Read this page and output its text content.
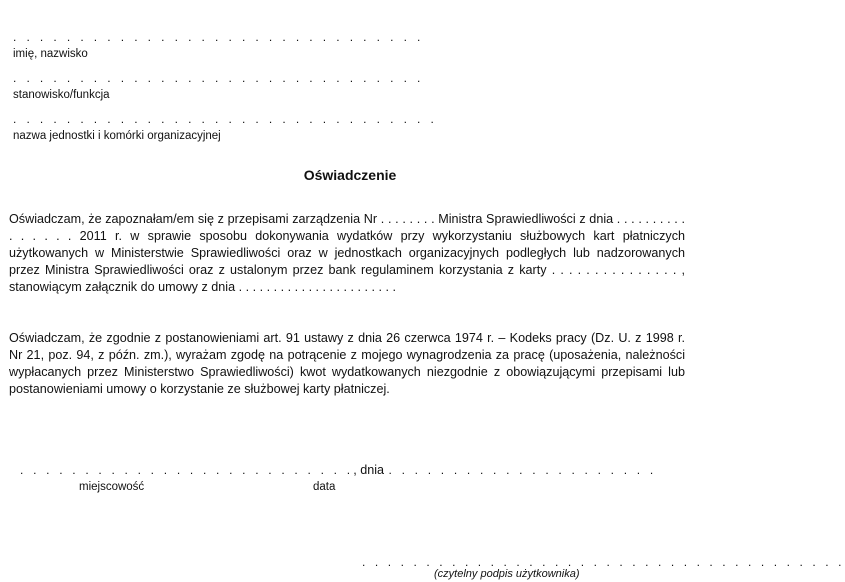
. . . . . . . . . . . . . . . . . . . . . . . . . . . . . . .
imię, nazwisko
. . . . . . . . . . . . . . . . . . . . . . . . . . . . . . .
stanowisko/funkcja
. . . . . . . . . . . . . . . . . . . . . . . . . . . . . . . .
nazwa jednostki i komórki organizacyjnej
Oświadczenie
Oświadczam, że zapoznałam/em się z przepisami zarządzenia Nr . . . . . . . . Ministra Sprawiedliwości z dnia . . . . . . . . . . . . . . . . 2011 r. w sprawie sposobu dokonywania wydatków przy wykorzystaniu służbowych kart płatniczych użytkowanych w Ministerstwie Sprawiedliwości oraz w jednostkach organizacyjnych podległych lub nadzorowanych przez Ministra Sprawiedliwości oraz z ustalonym przez bank regulaminem korzystania z karty . . . . . . . . . . . . . . . , stanowiącym załącznik do umowy z dnia . . . . . . . . . . . . . . . . . . . . . . .
Oświadczam, że zgodnie z postanowieniami art. 91 ustawy z dnia 26 czerwca 1974 r. – Kodeks pracy (Dz. U. z 1998 r. Nr 21, poz. 94, z późn. zm.), wyrażam zgodę na potrącenie z mojego wynagrodzenia za pracę (uposażenia, należności wypłacanych przez Ministerstwo Sprawiedliwości) kwot wydatkowanych niezgodnie z obowiązującymi przepisami lub postanowieniami umowy o korzystanie ze służbowej karty płatniczej.
. . . . . . . . . . . . . . . . . . . . . . . . . ., dnia . . . . . . . . . . . . . . . . . . . . .
miejscowość	data
. . . . . . . . . . . . . . . . . . . . . . . . . . . . . . . . . . . . . .
(czytelny podpis użytkownika)
